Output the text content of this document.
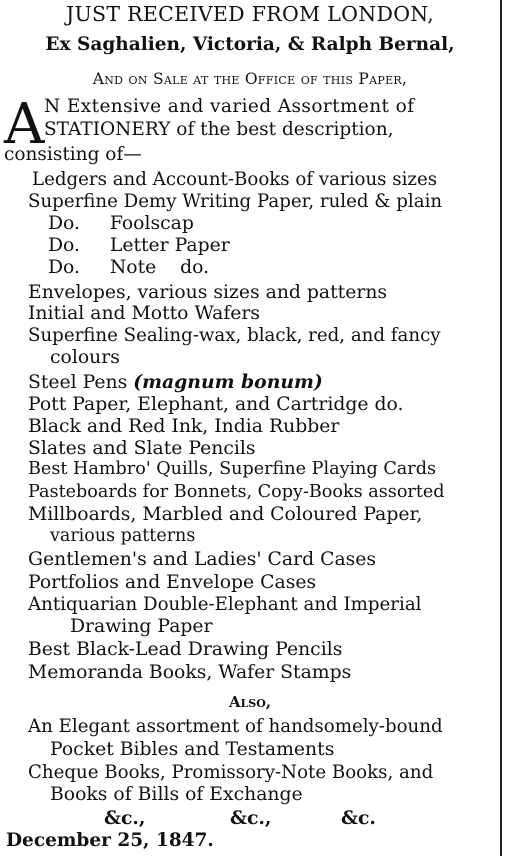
JUST RECEIVED FROM LONDON,
Ex Saghalien, Victoria, & Ralph Bernal,
And on Sale at the Office of this Paper,
A N Extensive and varied Assortment of
STATIONERY of the best description,
consisting of—
Ledgers and Account-Books of various sizes
Superfine Demy Writing Paper, ruled & plain
Do.     Foolscap
Do.     Letter Paper
Do.     Note    do.
Envelopes, various sizes and patterns
Initial and Motto Wafers
Superfine Sealing-wax, black, red, and fancy
colours
Steel Pens (magnum bonum)
Pott Paper, Elephant, and Cartridge do.
Black and Red Ink, India Rubber
Slates and Slate Pencils
Best Hambro' Quills, Superfine Playing Cards
Pasteboards for Bonnets, Copy-Books assorted
Millboards, Marbled and Coloured Paper,
various patterns
Gentlemen's and Ladies' Card Cases
Portfolios and Envelope Cases
Antiquarian Double-Elephant and Imperial
Drawing Paper
Best Black-Lead Drawing Pencils
Memoranda Books, Wafer Stamps
Also,
An Elegant assortment of handsomely-bound
Pocket Bibles and Testaments
Cheque Books, Promissory-Note Books, and
Books of Bills of Exchange
&c.,	&c.,	&c.
December 25, 1847.
